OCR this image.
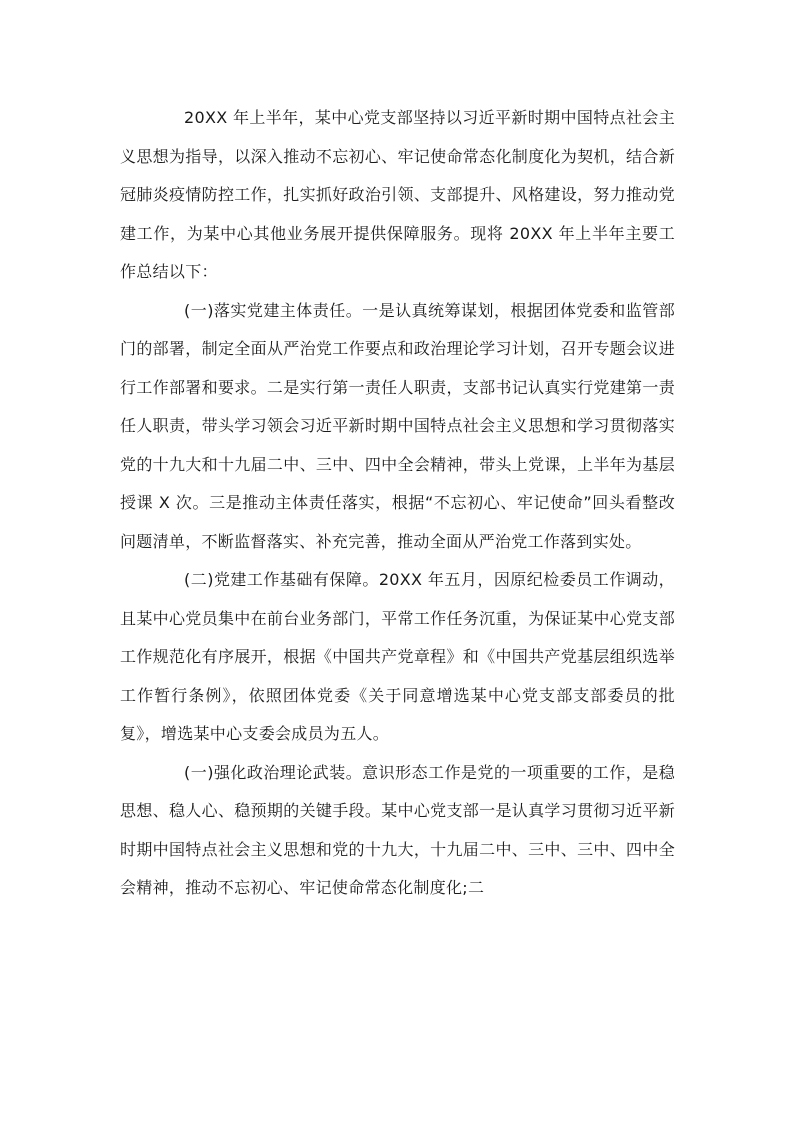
20XX 年上半年，某中心党支部坚持以习近平新时期中国特点社会主义思想为指导，以深入推动不忘初心、牢记使命常态化制度化为契机，结合新冠肺炎疫情防控工作，扎实抓好政治引领、支部提升、风格建设，努力推动党建工作，为某中心其他业务展开提供保障服务。现将 20XX 年上半年主要工作总结以下：

(一)落实党建主体责任。一是认真统筹谋划，根据团体党委和监管部门的部署，制定全面从严治党工作要点和政治理论学习计划，召开专题会议进行工作部署和要求。二是实行第一责任人职责，支部书记认真实行党建第一责任人职责，带头学习领会习近平新时期中国特点社会主义思想和学习贯彻落实党的十九大和十九届二中、三中、四中全会精神，带头上党课，上半年为基层授课 X 次。三是推动主体责任落实，根据“不忘初心、牢记使命”回头看整改问题清单，不断监督落实、补充完善，推动全面从严治党工作落到实处。

(二)党建工作基础有保障。20XX 年五月，因原纪检委员工作调动，且某中心党员集中在前台业务部门，平常工作任务沉重，为保证某中心党支部工作规范化有序展开，根据《中国共产党章程》和《中国共产党基层组织选举工作暂行条例》，依照团体党委《关于同意增选某中心党支部支部委员的批复》，增选某中心支委会成员为五人。

(一)强化政治理论武装。意识形态工作是党的一项重要的工作，是稳思想、稳人心、稳预期的关键手段。某中心党支部一是认真学习贯彻习近平新时期中国特点社会主义思想和党的十九大，十九届二中、三中、三中、四中全会精神，推动不忘初心、牢记使命常态化制度化;二
